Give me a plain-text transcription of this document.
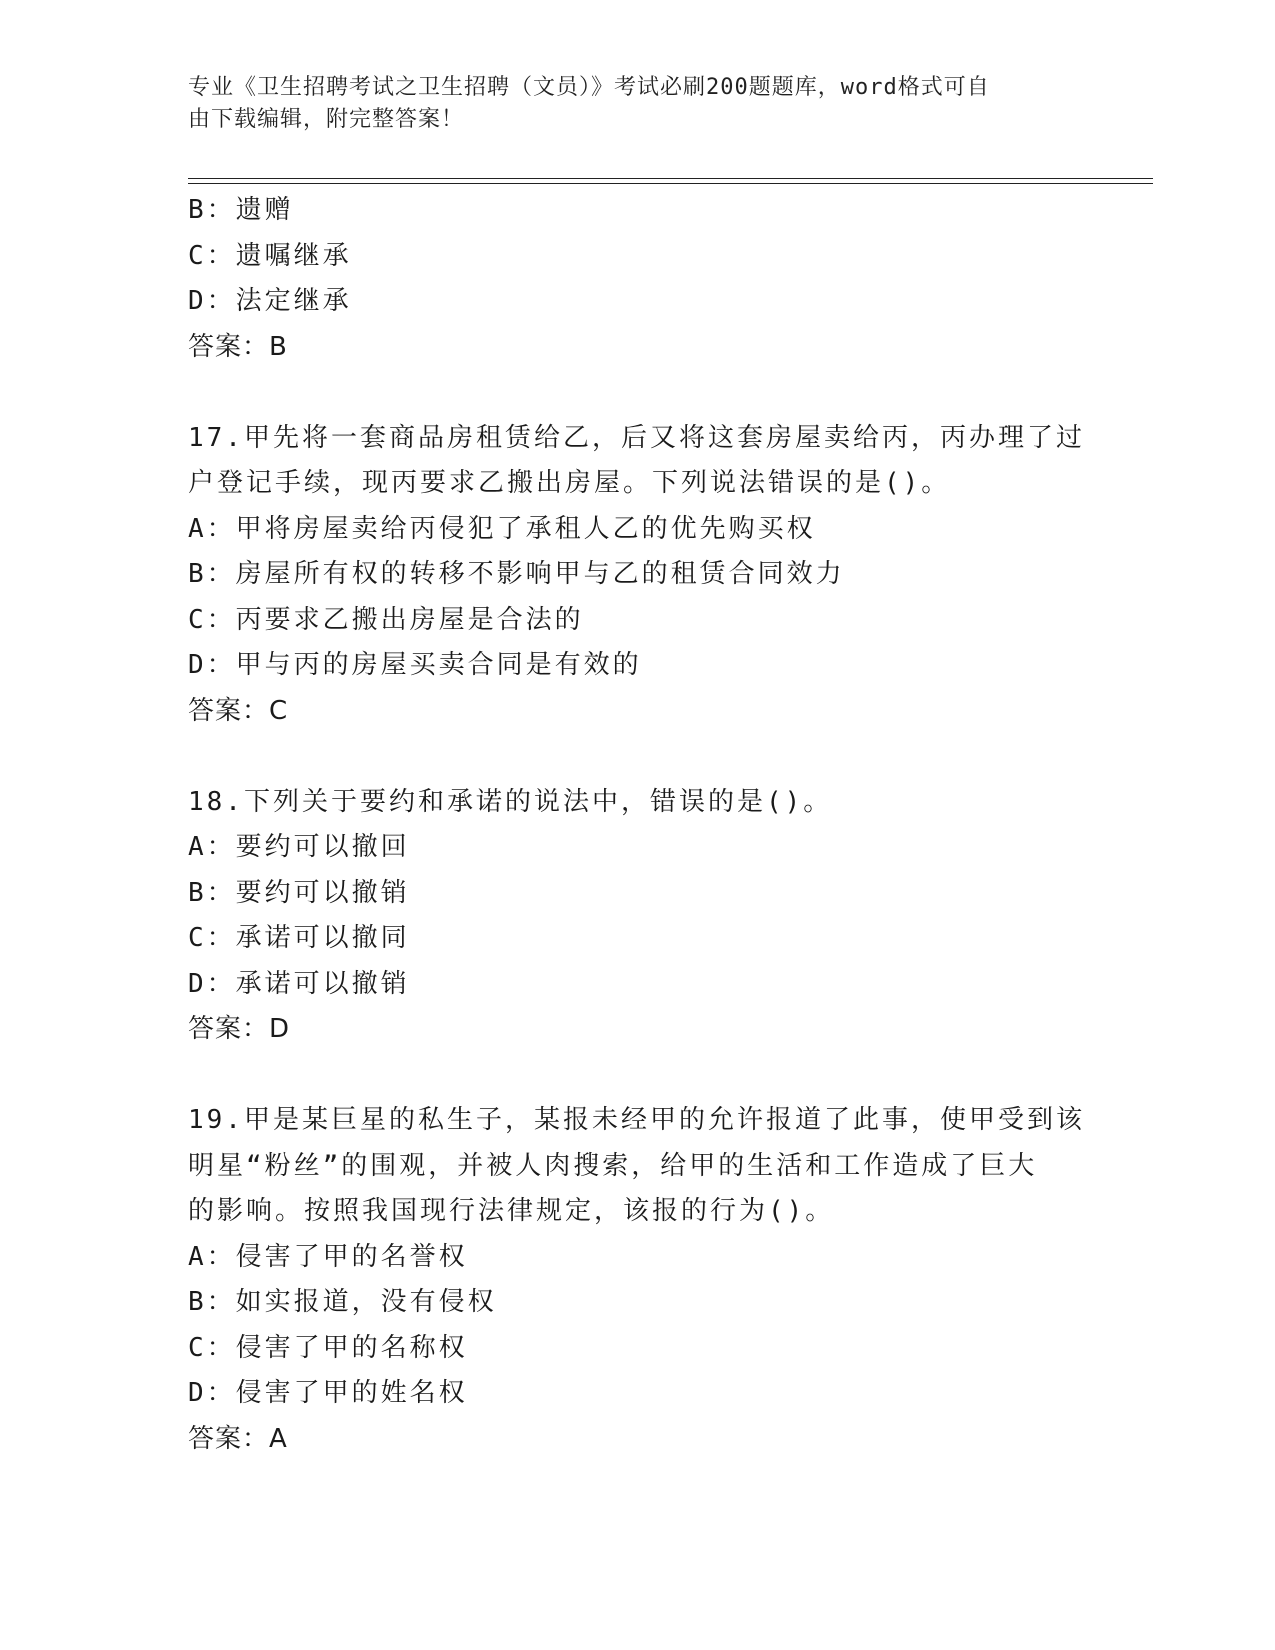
专业《卫生招聘考试之卫生招聘（文员）》考试必刷200题题库，word格式可自
由下载编辑，附完整答案！
B：遗赠
C：遗嘱继承
D：法定继承
答案：B
17.甲先将一套商品房租赁给乙，后又将这套房屋卖给丙，丙办理了过
户登记手续，现丙要求乙搬出房屋。下列说法错误的是()。
A：甲将房屋卖给丙侵犯了承租人乙的优先购买权
B：房屋所有权的转移不影响甲与乙的租赁合同效力
C：丙要求乙搬出房屋是合法的
D：甲与丙的房屋买卖合同是有效的
答案：C
18.下列关于要约和承诺的说法中，错误的是()。
A：要约可以撤回
B：要约可以撤销
C：承诺可以撤同
D：承诺可以撤销
答案：D
19.甲是某巨星的私生子，某报未经甲的允许报道了此事，使甲受到该
明星“粉丝”的围观，并被人肉搜索，给甲的生活和工作造成了巨大
的影响。按照我国现行法律规定，该报的行为()。
A：侵害了甲的名誉权
B：如实报道，没有侵权
C：侵害了甲的名称权
D：侵害了甲的姓名权
答案：A
